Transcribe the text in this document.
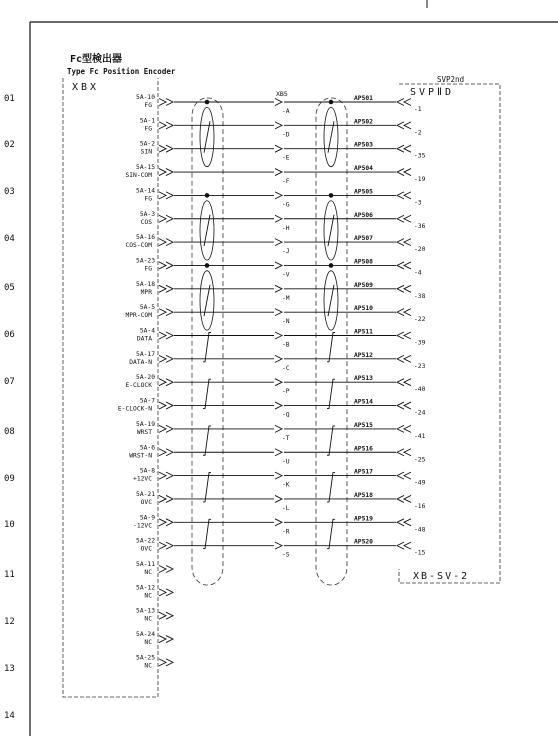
Fc型検出器
Type Fc Position Encoder
XBX
SVP2nd
SVPⅡD
XB-SV-2
XB5
01
02
03
04
05
06
07
08
09
10
11
12
13
14
5A-10
FG
-A
AP501
-1
5A-1
FG
-D
AP502
-2
5A-2
SIN
-E
AP503
-35
5A-15
SIN-COM
-F
AP504
-19
5A-14
FG
-G
AP505
-3
5A-3
COS
-H
AP506
-36
5A-16
COS-COM
-J
AP507
-20
5A-23
FG
-V
AP508
-4
5A-18
MPR
-M
AP509
-38
5A-5
MPR-COM
-N
AP510
-22
5A-4
DATA
-B
AP511
-39
5A-17
DATA-N
-C
AP512
-23
5A-20
E-CLOCK
-P
AP513
-40
5A-7
E-CLOCK-N
-Q
AP514
-24
5A-19
WRST
-T
AP515
-41
5A-6
WRST-N
-U
AP516
-25
5A-8
+12VC
-K
AP517
-49
5A-21
OVC
-L
AP518
-16
5A-9
-12VC
-R
AP519
-48
5A-22
OVC
-S
AP520
-15
5A-11
NC
5A-12
NC
5A-13
NC
5A-24
NC
5A-25
NC
